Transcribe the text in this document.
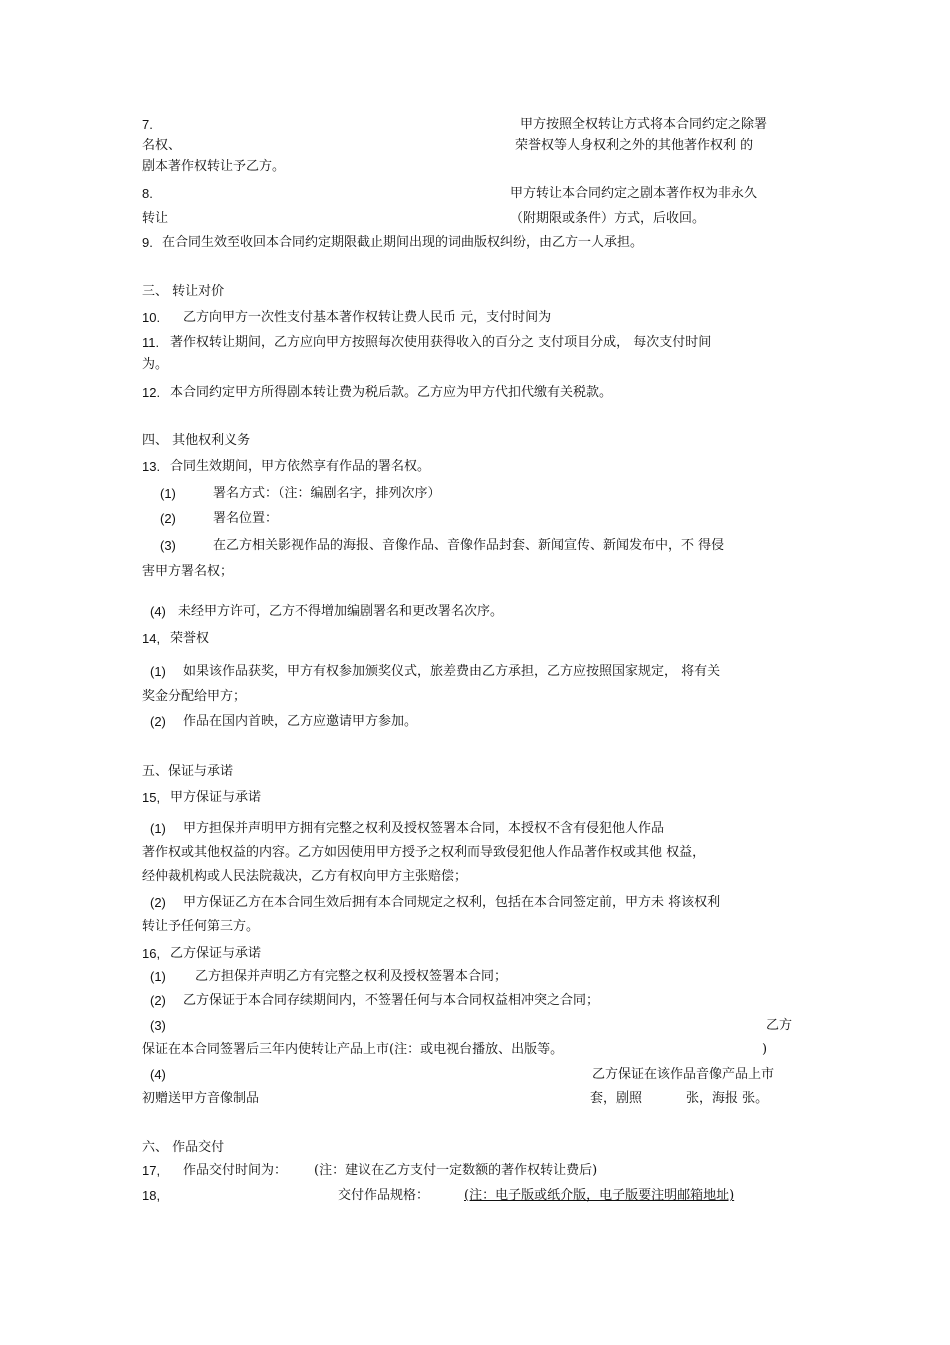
7.	甲方按照全权转让方式将本合同约定之除署
名权、	荣誉权等人身权利之外的其他著作权利 的
剧本著作权转让予乙方。
8.	甲方转让本合同约定之剧本著作权为非永久
转让	（附期限或条件）方式，后收回。
9. 在合同生效至收回本合同约定期限截止期间出现的词曲版权纠纷，由乙方一人承担。
三、 转让对价
10. 乙方向甲方一次性支付基本著作权转让费人民币 元，支付时间为
11. 著作权转让期间，乙方应向甲方按照每次使用获得收入的百分之 支付项目分成， 每次支付时间
为。
12. 本合同约定甲方所得剧本转让费为税后款。乙方应为甲方代扣代缴有关税款。
四、 其他权利义务
13. 合同生效期间，甲方依然享有作品的署名权。
(1)	署名方式：（注：编剧名字，排列次序）
(2)	署名位置：
(3)	在乙方相关影视作品的海报、音像作品、音像作品封套、新闻宣传、新闻发布中，不 得侵
害甲方署名权；
(4) 未经甲方许可，乙方不得增加编剧署名和更改署名次序。
14, 荣誉权
(1) 如果该作品获奖，甲方有权参加颁奖仪式，旅差费由乙方承担，乙方应按照国家规定， 将有关
奖金分配给甲方；
(2) 作品在国内首映，乙方应邀请甲方参加。
五、保证与承诺
15, 甲方保证与承诺
(1) 甲方担保并声明甲方拥有完整之权利及授权签署本合同，本授权不含有侵犯他人作品
著作权或其他权益的内容。乙方如因使用甲方授予之权利而导致侵犯他人作品著作权或其他 权益，
经仲裁机构或人民法院裁决，乙方有权向甲方主张赔偿；
(2) 甲方保证乙方在本合同生效后拥有本合同规定之权利，包括在本合同签定前，甲方未 将该权利
转让予任何第三方。
16, 乙方保证与承诺
(1) 乙方担保并声明乙方有完整之权利及授权签署本合同；
(2) 乙方保证于本合同存续期间内，不签署任何与本合同权益相冲突之合同；
(3)	乙方
保证在本合同签署后三年内使转让产品上市(注：或电视台播放、出版等。	)
(4)	乙方保证在该作品音像产品上市
初赠送甲方音像制品	套，剧照	张，海报 张。
六、 作品交付
17, 作品交付时间为： (注：建议在乙方支付一定数额的著作权转让费后)
18,	交付作品规格：	(注：电子版或纸介版，电子版要注明邮箱地址)
